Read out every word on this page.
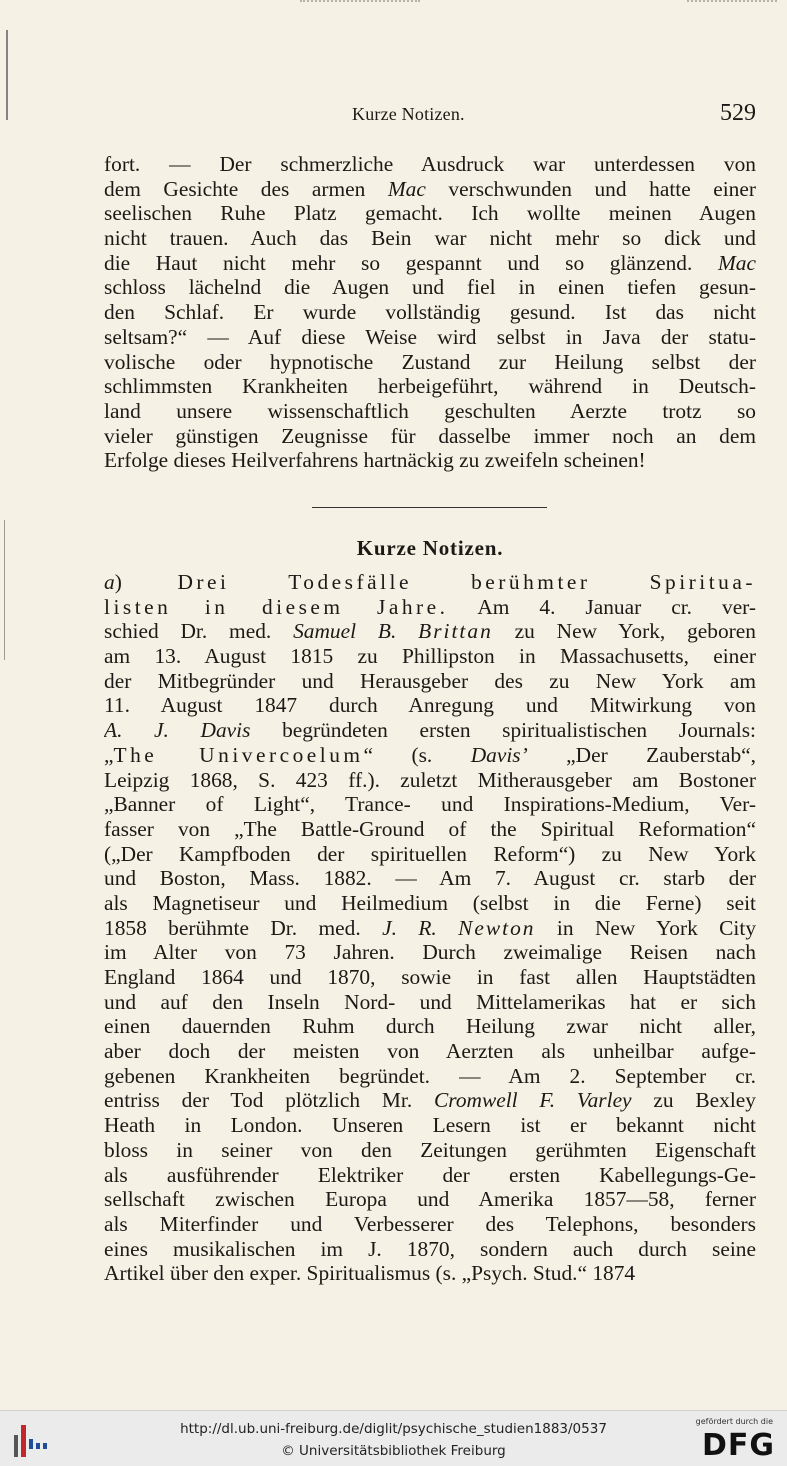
Kurze Notizen.	529
fort. — Der schmerzliche Ausdruck war unterdessen von
dem Gesichte des armen Mac verschwunden und hatte einer
seelischen Ruhe Platz gemacht. Ich wollte meinen Augen
nicht trauen. Auch das Bein war nicht mehr so dick und
die Haut nicht mehr so gespannt und so glänzend. Mac
schloss lächelnd die Augen und fiel in einen tiefen gesun-
den Schlaf. Er wurde vollständig gesund. Ist das nicht
seltsam?“ — Auf diese Weise wird selbst in Java der statu-
volische oder hypnotische Zustand zur Heilung selbst der
schlimmsten Krankheiten herbeigeführt, während in Deutsch-
land unsere wissenschaftlich geschulten Aerzte trotz so
vieler günstigen Zeugnisse für dasselbe immer noch an dem
Erfolge dieses Heilverfahrens hartnäckig zu zweifeln scheinen!
Kurze Notizen.
a) Drei Todesfälle berühmter Spiritua-
listen in diesem Jahre. Am 4. Januar cr. ver-
schied Dr. med. Samuel B. Brittan zu New York, geboren
am 13. August 1815 zu Phillipston in Massachusetts, einer
der Mitbegründer und Herausgeber des zu New York am
11. August 1847 durch Anregung und Mitwirkung von
A. J. Davis begründeten ersten spiritualistischen Journals:
„The Univercoelum“ (s. Davis’ „Der Zauberstab“,
Leipzig 1868, S. 423 ff.). zuletzt Mitherausgeber am Bostoner
„Banner of Light“, Trance- und Inspirations-Medium, Ver-
fasser von „The Battle-Ground of the Spiritual Reformation“
(„Der Kampfboden der spirituellen Reform“) zu New York
und Boston, Mass. 1882. — Am 7. August cr. starb der
als Magnetiseur und Heilmedium (selbst in die Ferne) seit
1858 berühmte Dr. med. J. R. Newton in New York City
im Alter von 73 Jahren. Durch zweimalige Reisen nach
England 1864 und 1870, sowie in fast allen Hauptstädten
und auf den Inseln Nord- und Mittelamerikas hat er sich
einen dauernden Ruhm durch Heilung zwar nicht aller,
aber doch der meisten von Aerzten als unheilbar aufge-
gebenen Krankheiten begründet. — Am 2. September cr.
entriss der Tod plötzlich Mr. Cromwell F. Varley zu Bexley
Heath in London. Unseren Lesern ist er bekannt nicht
bloss in seiner von den Zeitungen gerühmten Eigenschaft
als ausführender Elektriker der ersten Kabellegungs-Ge-
sellschaft zwischen Europa und Amerika 1857—58, ferner
als Miterfinder und Verbesserer des Telephons, besonders
eines musikalischen im J. 1870, sondern auch durch seine
Artikel über den exper. Spiritualismus (s. „Psych. Stud.“ 1874
http://dl.ub.uni-freiburg.de/diglit/psychische_studien1883/0537
© Universitätsbibliothek Freiburg
gefördert durch die
DFG
